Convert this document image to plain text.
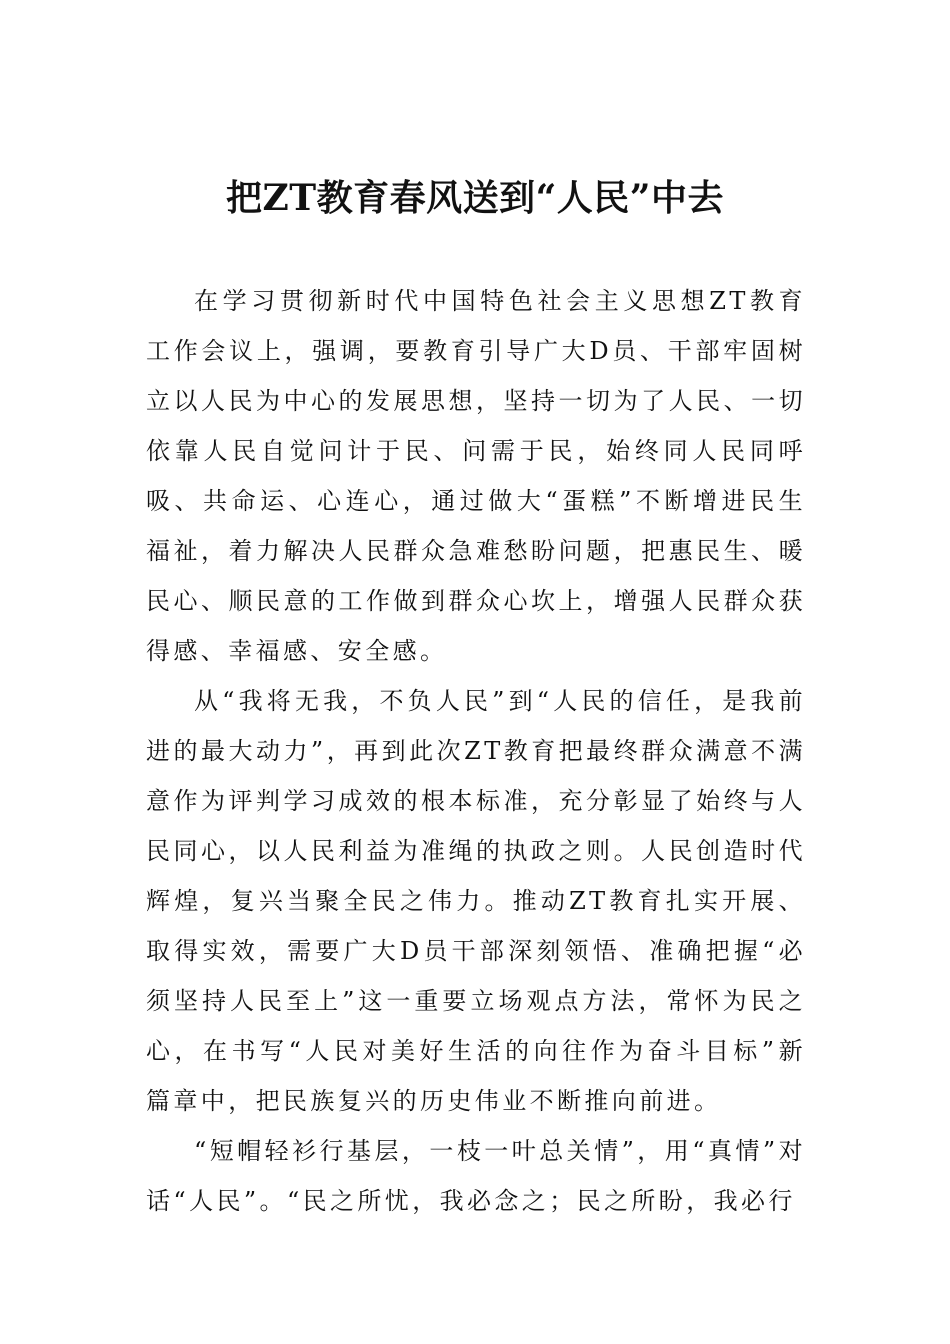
把ZT教育春风送到“人民”中去

在学习贯彻新时代中国特色社会主义思想ZT教育工作会议上，强调，要教育引导广大D员、干部牢固树立以人民为中心的发展思想，坚持一切为了人民、一切依靠人民自觉问计于民、问需于民，始终同人民同呼吸、共命运、心连心，通过做大“蛋糕”不断增进民生福祉，着力解决人民群众急难愁盼问题，把惠民生、暖民心、顺民意的工作做到群众心坎上，增强人民群众获得感、幸福感、安全感。

从“我将无我，不负人民”到“人民的信任，是我前进的最大动力”，再到此次ZT教育把最终群众满意不满意作为评判学习成效的根本标准，充分彰显了始终与人民同心，以人民利益为准绳的执政之则。人民创造时代辉煌，复兴当聚全民之伟力。推动ZT教育扎实开展、取得实效，需要广大D员干部深刻领悟、准确把握“必须坚持人民至上”这一重要立场观点方法，常怀为民之心，在书写“人民对美好生活的向往作为奋斗目标”新篇章中，把民族复兴的历史伟业不断推向前进。

“短帽轻衫行基层，一枝一叶总关情”，用“真情”对话“人民”。“民之所忧，我必念之；民之所盼，我必行
